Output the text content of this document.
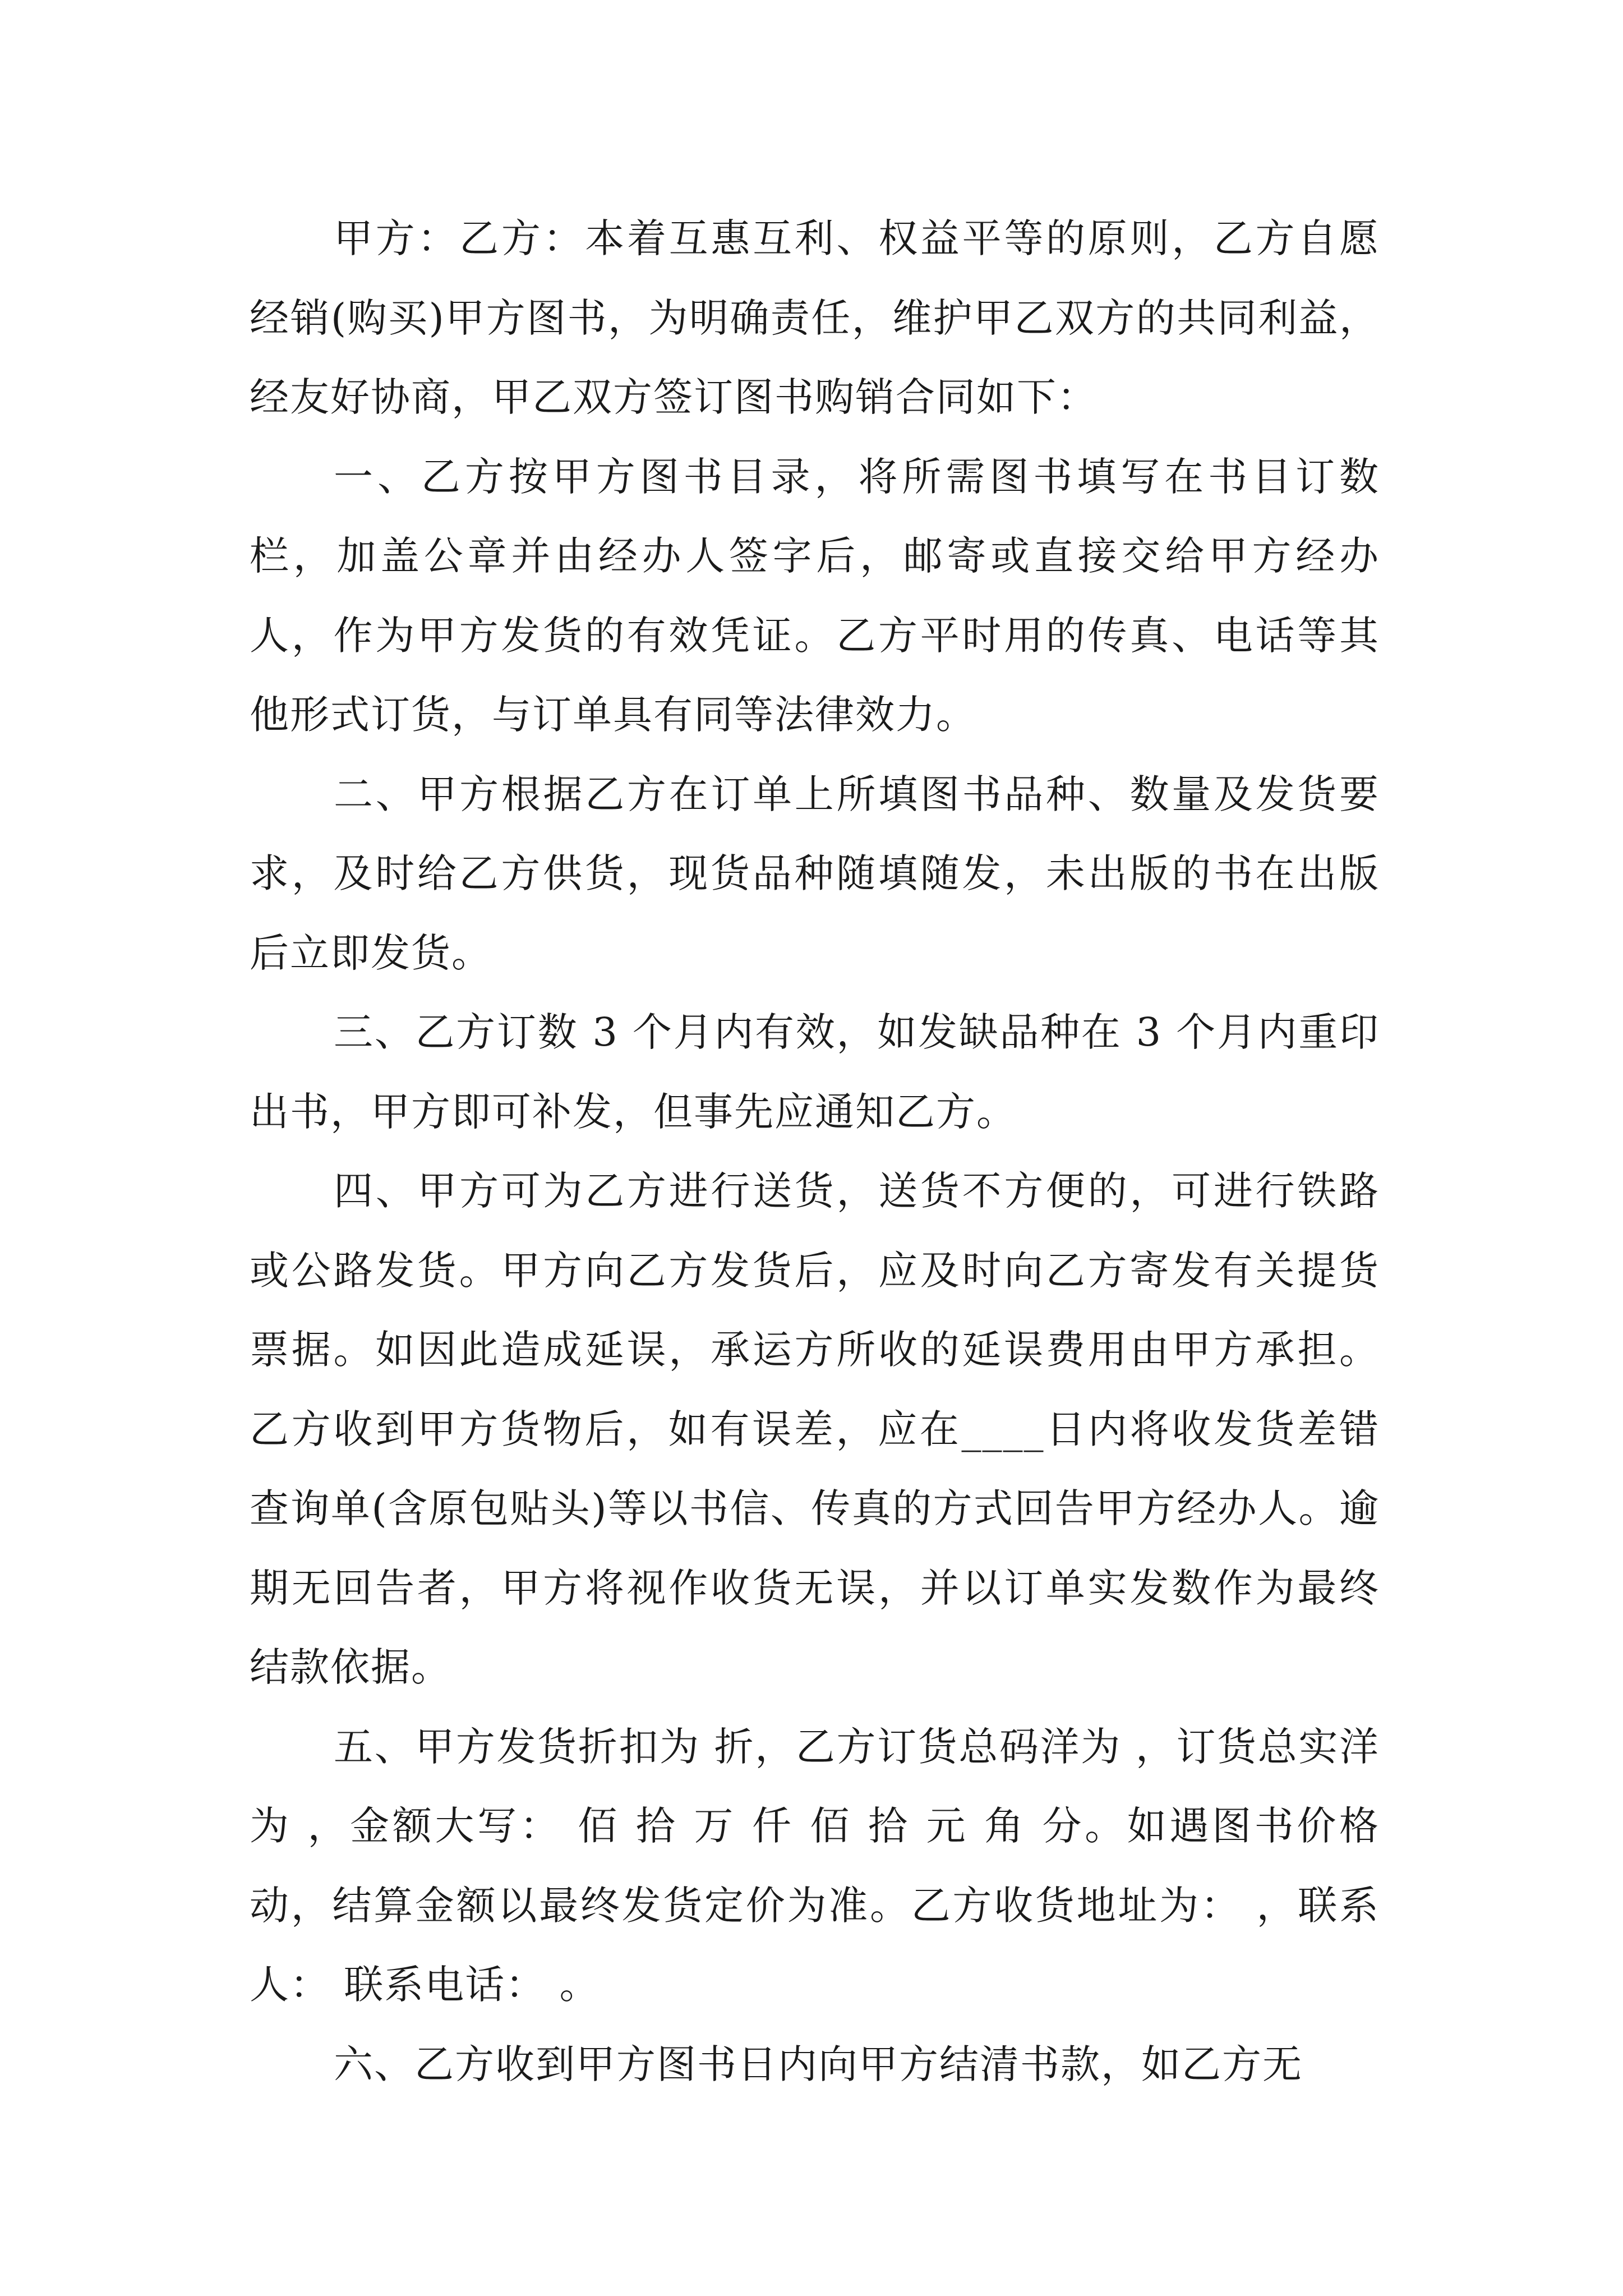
甲方：乙方：本着互惠互利、权益平等的原则，乙方自愿经销(购买)甲方图书，为明确责任，维护甲乙双方的共同利益，经友好协商，甲乙双方签订图书购销合同如下：

一、乙方按甲方图书目录，将所需图书填写在书目订数栏，加盖公章并由经办人签字后，邮寄或直接交给甲方经办人，作为甲方发货的有效凭证。乙方平时用的传真、电话等其他形式订货，与订单具有同等法律效力。

二、甲方根据乙方在订单上所填图书品种、数量及发货要求，及时给乙方供货，现货品种随填随发，未出版的书在出版后立即发货。

三、乙方订数 3 个月内有效，如发缺品种在 3 个月内重印出书，甲方即可补发，但事先应通知乙方。

四、甲方可为乙方进行送货，送货不方便的，可进行铁路或公路发货。甲方向乙方发货后，应及时向乙方寄发有关提货票据。如因此造成延误，承运方所收的延误费用由甲方承担。乙方收到甲方货物后，如有误差，应在____日内将收发货差错查询单(含原包贴头)等以书信、传真的方式回告甲方经办人。逾期无回告者，甲方将视作收货无误，并以订单实发数作为最终结款依据。

五、甲方发货折扣为 折，乙方订货总码洋为 ，订货总实洋为 ，金额大写： 佰 拾 万 仟 佰 拾 元 角 分。如遇图书价格动，结算金额以最终发货定价为准。乙方收货地址为： ，联系人： 联系电话： 。

六、乙方收到甲方图书日内向甲方结清书款，如乙方无
